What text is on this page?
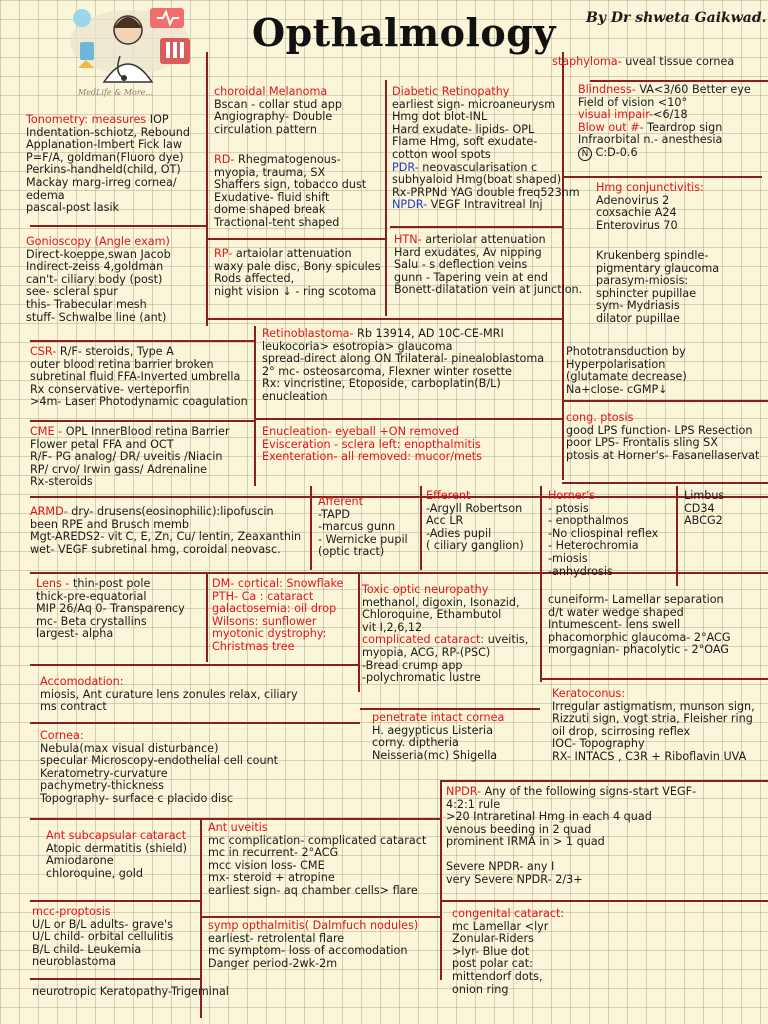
MedLife & More...
Opthalmology By Dr shweta Gaikwad.
staphyloma- uveal tissue cornea
Blindness- VA<3/60 Better eye
Field of vision <10°
visual impair-<6/18
Blow out #- Teardrop sign
Infraorbital n.- anesthesia
N C:D-0.6
Tonometry: measures IOP
Indentation-schiotz, Rebound
Applanation-Imbert Fick law
P=F/A, goldman(Fluoro dye)
Perkins-handheld(child, OT)
Mackay marg-irreg cornea/
edema
pascal-post lasik
choroidal Melanoma
Bscan - collar stud app
Angiography- Double
circulation pattern
RD- Rhegmatogenous-
myopia, trauma, SX
Shaffers sign, tobacco dust
Exudative- fluid shift
dome shaped break
Tractional-tent shaped
RP- artaiolar attenuation
waxy pale disc, Bony spicules
Rods affected,
night vision ↓ - ring scotoma
Diabetic Retinopathy
earliest sign- microaneurysm
Hmg dot blot-INL
Hard exudate- lipids- OPL
Flame Hmg, soft exudate-
cotton wool spots
PDR- neovascularisation c
subhyaloid Hmg(boat shaped)
Rx-PRPNd YAG double freq523nm
NPDR- VEGF Intravitreal Inj
HTN- arteriolar attenuation
Hard exudates, Av nipping
Salu - s deflection veins
gunn - Tapering vein at end
Bonett-dilatation vein at junction.
Hmg conjunctivitis:
Adenovirus 2
coxsachie A24
Enterovirus 70
Krukenberg spindle-
pigmentary glaucoma
parasym-miosis:
sphincter pupillae
sym- Mydriasis
dilator pupillae
Gonioscopy (Angle exam)
Direct-koeppe,swan Jacob
Indirect-zeiss 4,goldman
can't- ciliary body (post)
see- scleral spur
this- Trabecular mesh
stuff- Schwalbe line (ant)
Retinoblastoma- Rb 13914, AD 10C-CE-MRI
leukocoria> esotropia> glaucoma
spread-direct along ON Trilateral- pinealoblastoma
2° mc- osteosarcoma, Flexner winter rosette
Rx: vincristine, Etoposide, carboplatin(B/L)
enucleation
Enucleation- eyeball +ON removed
Evisceration - sclera left: enopthalmitis
Exenteration- all removed: mucor/mets
Phototransduction by
Hyperpolarisation
(glutamate decrease)
Na+close- cGMP↓
cong. ptosis
good LPS function- LPS Resection
poor LPS- Frontalis sling SX
ptosis at Horner's- Fasanellaservat
CSR- R/F- steroids, Type A
outer blood retina barrier broken
subretinal fluid FFA-Inverted umbrella
Rx conservative- verteporfin
>4m- Laser Photodynamic coagulation
CME - OPL InnerBlood retina Barrier
Flower petal FFA and OCT
R/F- PG analog/ DR/ uveitis /Niacin
RP/ crvo/ Irwin gass/ Adrenaline
Rx-steroids
ARMD- dry- drusens(eosinophilic):lipofuscin
been RPE and Brusch memb
Mgt-AREDS2- vit C, E, Zn, Cu/ lentin, Zeaxanthin
wet- VEGF subretinal hmg, coroidal neovasc.
Afferent
-TAPD
-marcus gunn
- Wernicke pupil
(optic tract)
Efferent
-Argyll Robertson
Acc LR
-Adies pupil
( ciliary ganglion)
Horner's
- ptosis
- enopthalmos
-No cliospinal reflex
- Heterochromia
-miosis
-anhydrosis
Limbus
CD34
ABCG2
Lens - thin-post pole
thick-pre-equatorial
MIP 26/Aq 0- Transparency
mc- Beta crystallins
largest- alpha
DM- cortical: Snowflake
PTH- Ca : cataract
galactosemia: oil drop
Wilsons: sunflower
myotonic dystrophy:
Christmas tree
Toxic optic neuropathy
methanol, digoxin, Isonazid,
Chloroquine, Ethambutol
vit I,2,6,12
complicated cataract: uveitis,
myopia, ACG, RP-(PSC)
-Bread crump app
-polychromatic lustre
cuneiform- Lamellar separation
d/t water wedge shaped
Intumescent- lens swell
phacomorphic glaucoma- 2°ACG
morgagnian- phacolytic - 2°OAG
Accomodation:
miosis, Ant curature lens zonules relax, ciliary
ms contract
Keratoconus:
Irregular astigmatism, munson sign,
Rizzuti sign, vogt stria, Fleisher ring
oil drop, scirrosing reflex
IOC- Topography
RX- INTACS , C3R + Riboflavin UVA
penetrate intact cornea
H. aegypticus Listeria
corny. diptheria
Neisseria(mc) Shigella
Cornea:
Nebula(max visual disturbance)
specular Microscopy-endothelial cell count
Keratometry-curvature
pachymetry-thickness
Topography- surface c placido disc
NPDR- Any of the following signs-start VEGF-
4:2:1 rule
>20 Intraretinal Hmg in each 4 quad
venous beeding in 2 quad
prominent IRMA in > 1 quad
Severe NPDR- any I
very Severe NPDR- 2/3+
Ant subcapsular cataract
Atopic dermatitis (shield)
Amiodarone
chloroquine, gold
Ant uveitis
mc complication- complicated cataract
mc in recurrent- 2°ACG
mcc vision loss- CME
mx- steroid + atropine
earliest sign- aq chamber cells> flare
symp opthalmitis( Dalmfuch nodules)
earliest- retrolental flare
mc symptom- loss of accomodation
Danger period-2wk-2m
mcc-proptosis
U/L or B/L adults- grave's
U/L child- orbital cellulitis
B/L child- Leukemia
neuroblastoma
congenital cataract:
mc Lamellar <lyr
Zonular-Riders
>lyr- Blue dot
post polar cat:
mittendorf dots,
onion ring
neurotropic Keratopathy-Trigeminal
